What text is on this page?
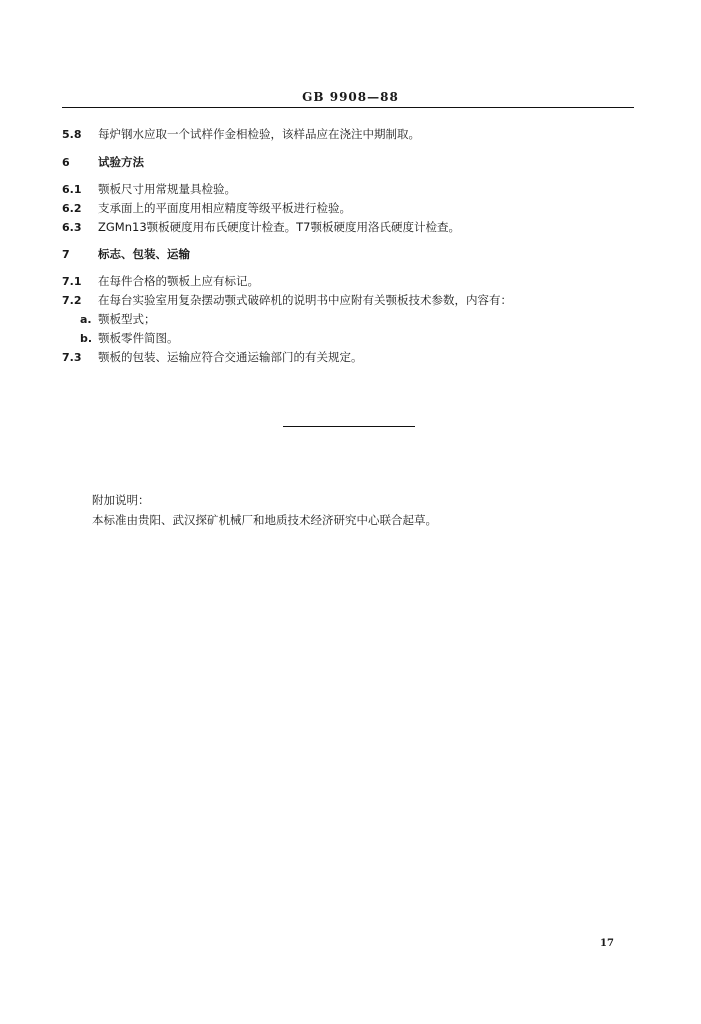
GB 9908—88
5.8 每炉钢水应取一个试样作金相检验，该样品应在浇注中期制取。
6 试验方法
6.1 颚板尺寸用常规量具检验。
6.2 支承面上的平面度用相应精度等级平板进行检验。
6.3 ZGMn13颚板硬度用布氏硬度计检查。T7颚板硬度用洛氏硬度计检查。
7 标志、包装、运输
7.1 在每件合格的颚板上应有标记。
7.2 在每台实验室用复杂摆动颚式破碎机的说明书中应附有关颚板技术参数，内容有：
a. 颚板型式；
b. 颚板零件简图。
7.3 颚板的包装、运输应符合交通运输部门的有关规定。
附加说明：
本标准由贵阳、武汉探矿机械厂和地质技术经济研究中心联合起草。
17
